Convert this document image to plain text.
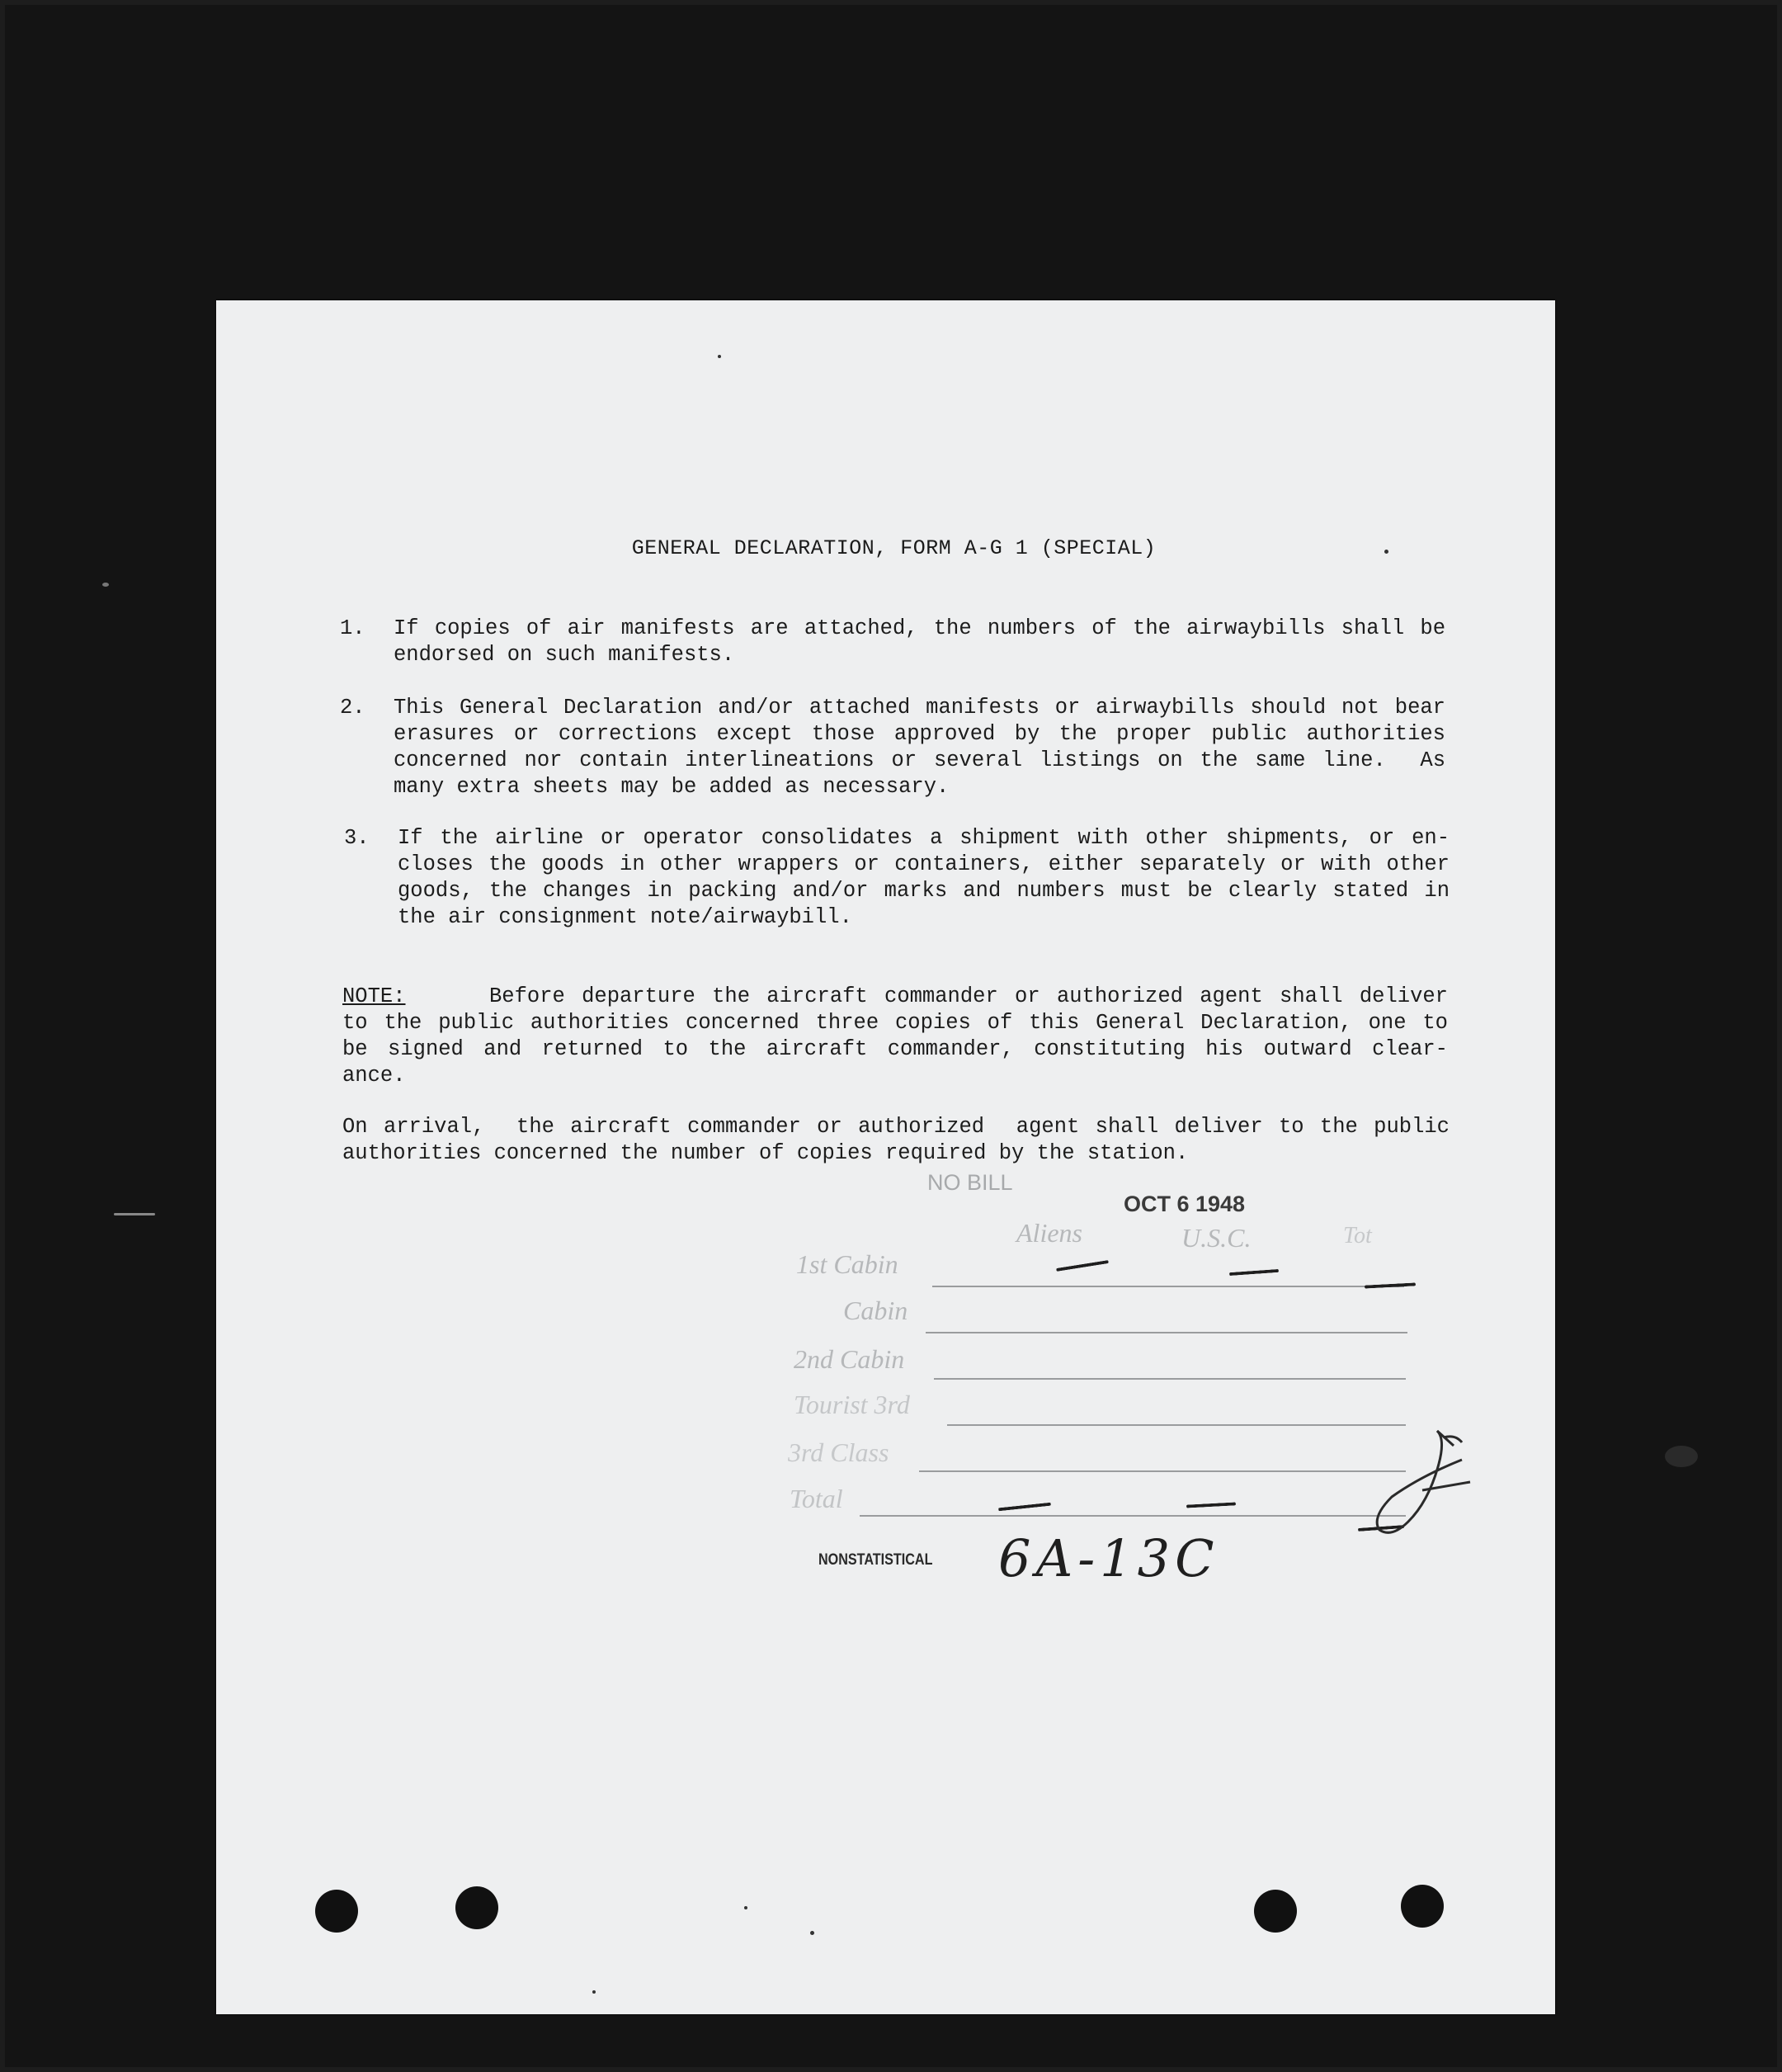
GENERAL DECLARATION, FORM A-G 1 (SPECIAL)
1. If copies of air manifests are attached, the numbers of the airwaybills shall be
endorsed on such manifests.
2. This General Declaration and/or attached manifests or airwaybills should not bear
erasures or corrections except those approved by the proper public authorities
concerned nor contain interlineations or several listings on the same line.  As
many extra sheets may be added as necessary.
3. If the airline or operator consolidates a shipment with other shipments, or en-
closes the goods in other wrappers or containers, either separately or with other
goods, the changes in packing and/or marks and numbers must be clearly stated in
the air consignment note/airwaybill.
NOTE:	Before departure the aircraft commander or authorized agent shall deliver
to the public authorities concerned three copies of this General Declaration, one to
be signed and returned to the aircraft commander, constituting his outward clear-
ance.
On arrival,  the aircraft commander or authorized  agent shall deliver to the public
authorities concerned the number of copies required by the station.
NO BILL
OCT 6 1948
Aliens	U.S.C.	Tot
1st Cabin
Cabin
2nd Cabin
Tourist 3rd
3rd Class
Total
NONSTATISTICAL 6A-13C
